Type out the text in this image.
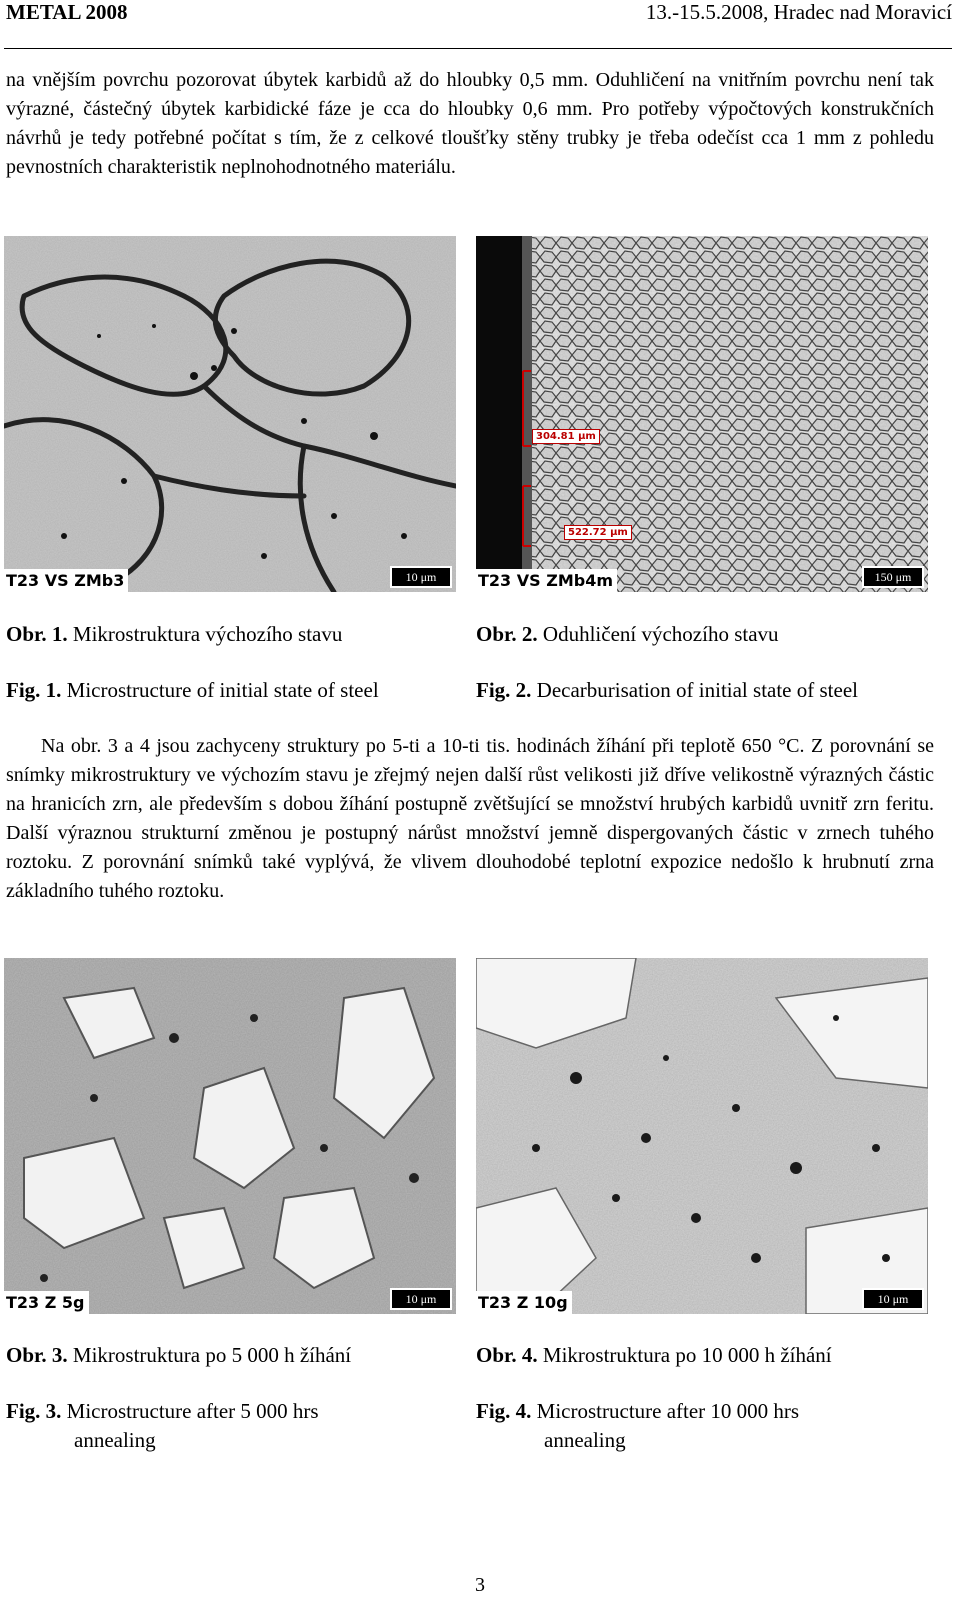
METAL 2008	13.-15.5.2008, Hradec nad Moravicí

na vnějším povrchu pozorovat úbytek karbidů až do hloubky 0,5 mm. Oduhličení na vnitřním povrchu není tak výrazné, částečný úbytek karbidické fáze je cca do hloubky 0,6 mm. Pro potřeby výpočtových konstrukčních návrhů je tedy potřebné počítat s tím, že z celkové tloušťky stěny trubky je třeba odečíst cca 1 mm z pohledu pevnostních charakteristik neplnohodnotného materiálu.

T23 VS ZMb3	10 μm
304.81 μm
522.72 μm
T23 VS ZMb4m	150 μm

Obr. 1. Mikrostruktura výchozího stavu

Fig. 1. Microstructure of initial state of steel

Obr. 2. Oduhličení výchozího stavu

Fig. 2. Decarburisation of initial state of steel

Na obr. 3 a 4 jsou zachyceny struktury po 5-ti a 10-ti tis. hodinách žíhání při teplotě 650 °C. Z porovnání se snímky mikrostruktury ve výchozím stavu je zřejmý nejen další růst velikosti již dříve velikostně výrazných částic na hranicích zrn, ale především s dobou žíhání postupně zvětšující se množství hrubých karbidů uvnitř zrn feritu. Další výraznou strukturní změnou je postupný nárůst množství jemně dispergovaných částic v zrnech tuhého roztoku. Z porovnání snímků také vyplývá, že vlivem dlouhodobé teplotní expozice nedošlo k hrubnutí zrna základního tuhého roztoku.

T23 Z 5g	10 μm	T23 Z 10g	10 μm

Obr. 3. Mikrostruktura po 5 000 h žíhání

Fig. 3. Microstructure after 5 000 hrs

annealing

Obr. 4. Mikrostruktura po 10 000 h žíhání

Fig. 4. Microstructure after 10 000 hrs

annealing

3
